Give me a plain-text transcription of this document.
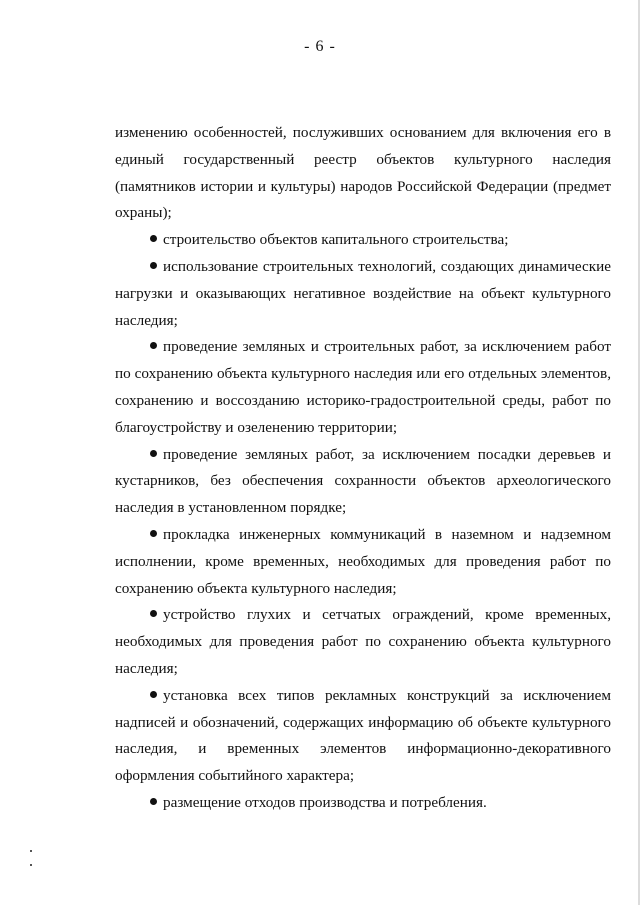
- 6 -

изменению особенностей, послуживших основанием для включения его в единый государственный реестр объектов культурного наследия (памятников истории и культуры) народов Российской Федерации (предмет охраны);

строительство объектов капитального строительства;

использование строительных технологий, создающих динамические нагрузки и оказывающих негативное воздействие на объект культурного наследия;

проведение земляных и строительных работ, за исключением работ по сохранению объекта культурного наследия или его отдельных элементов, сохранению и воссозданию историко-градостроительной среды, работ по благоустройству и озеленению территории;

проведение земляных работ, за исключением посадки деревьев и кустарников, без обеспечения сохранности объектов археологического наследия в установленном порядке;

прокладка инженерных коммуникаций в наземном и надземном исполнении, кроме временных, необходимых для проведения работ по сохранению объекта культурного наследия;

устройство глухих и сетчатых ограждений, кроме временных, необходимых для проведения работ по сохранению объекта культурного наследия;

установка всех типов рекламных конструкций за исключением надписей и обозначений, содержащих информацию об объекте культурного наследия, и временных элементов информационно-декоративного оформления событийного характера;

размещение отходов производства и потребления.
